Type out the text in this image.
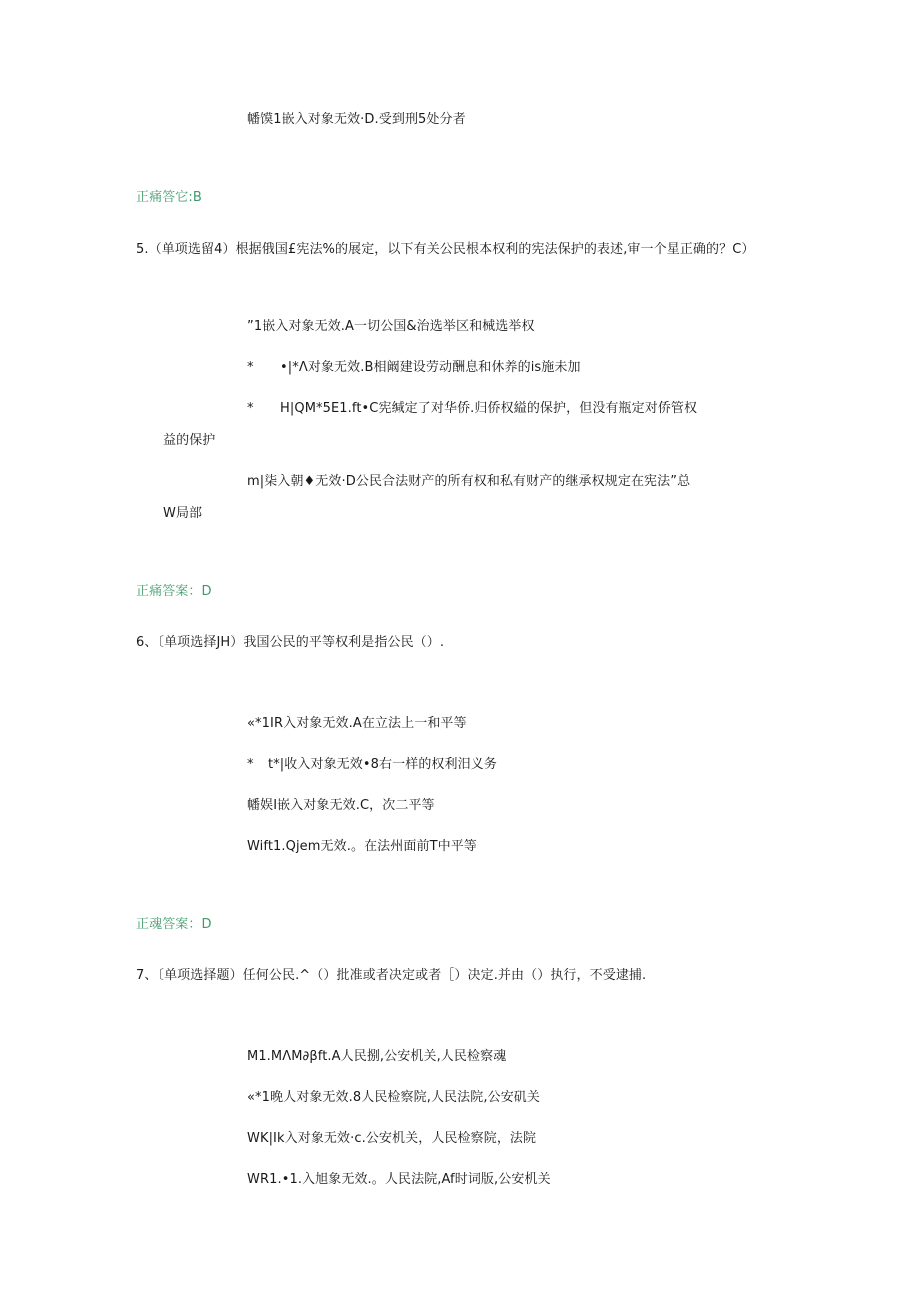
幡馍1嵌入对象无效·D.受到刑5处分者
正痛答它:B
5.（单项选留4）根据俄国£宪法%的展定，以下有关公民根本权利的宪法保护的表述,审一个星正确的？C）
”1嵌入对象无效.A一切公国&治选举区和械选举权
* •|*Λ对象无效.B相阚建设劳动酬息和休养的is施未加
* H|QM*5E1.ft•C宪缄定了对华侨.归侨权縊的保护，但没有瓶定对侨管权
益的保护
m|柒入朝♦无效·D公民合法财产的所有权和私有财产的继承权规定在宪法”总
W局部
正痛答案：D
6、〔单项选择JH）我国公民的平等权利是指公民（）.
«*1IR入对象无效.A在立法上一和平等
* t*|收入对象无效•8右一样的权利汨义务
幡娱I嵌入对象无效.C，次二平等
Wift1.Qjem无效.。在法州面前T中平等
正魂答案：D
7、〔单项选择题）任何公民.^（）批准或者决定或者［）决定.并由（）执行，不受逮捕.
M1.MΛM∂βft.A人民捌,公安机关,人民检察魂
«*1晚人对象无效.8人民检察院,人民法院,公安矶关
WK|Ik入对象无效·c.公安机关，人民检察院，法院
WR1.•1.入旭象无效.。人民法院,Af时词版,公安机关
